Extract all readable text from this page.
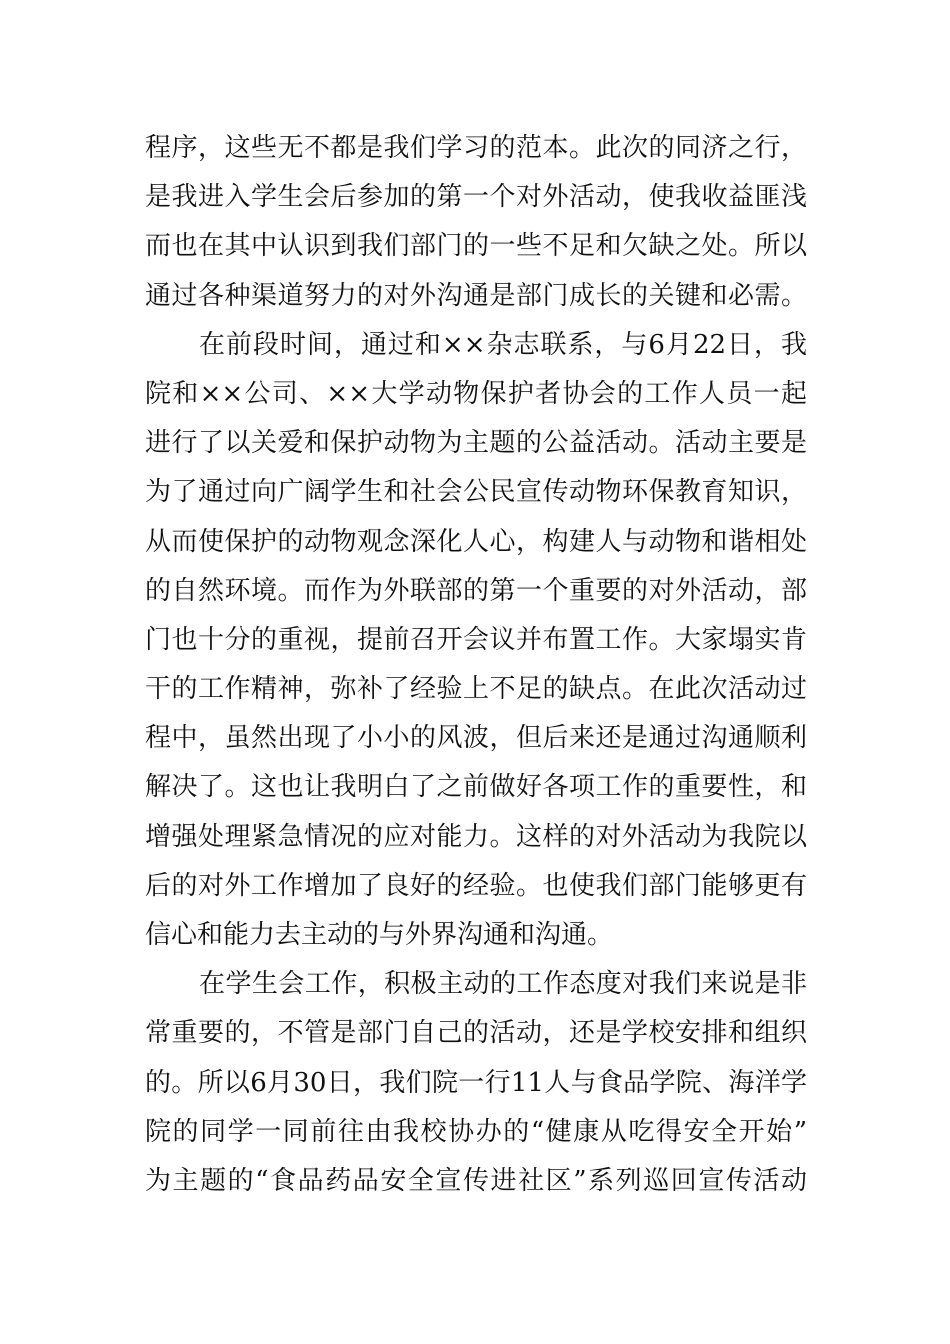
程序，这些无不都是我们学习的范本。此次的同济之行，
是我进入学生会后参加的第一个对外活动，使我收益匪浅
而也在其中认识到我们部门的一些不足和欠缺之处。所以
通过各种渠道努力的对外沟通是部门成长的关键和必需。
在前段时间，通过和××杂志联系，与6月22日，我
院和××公司、××大学动物保护者协会的工作人员一起
进行了以关爱和保护动物为主题的公益活动。活动主要是
为了通过向广阔学生和社会公民宣传动物环保教育知识，
从而使保护的动物观念深化人心，构建人与动物和谐相处
的自然环境。而作为外联部的第一个重要的对外活动，部
门也十分的重视，提前召开会议并布置工作。大家塌实肯
干的工作精神，弥补了经验上不足的缺点。在此次活动过
程中，虽然出现了小小的风波，但后来还是通过沟通顺利
解决了。这也让我明白了之前做好各项工作的重要性，和
增强处理紧急情况的应对能力。这样的对外活动为我院以
后的对外工作增加了良好的经验。也使我们部门能够更有
信心和能力去主动的与外界沟通和沟通。
在学生会工作，积极主动的工作态度对我们来说是非
常重要的，不管是部门自己的活动，还是学校安排和组织
的。所以6月30日，我们院一行11人与食品学院、海洋学
院的同学一同前往由我校协办的“健康从吃得安全开始”
为主题的“食品药品安全宣传进社区”系列巡回宣传活动
